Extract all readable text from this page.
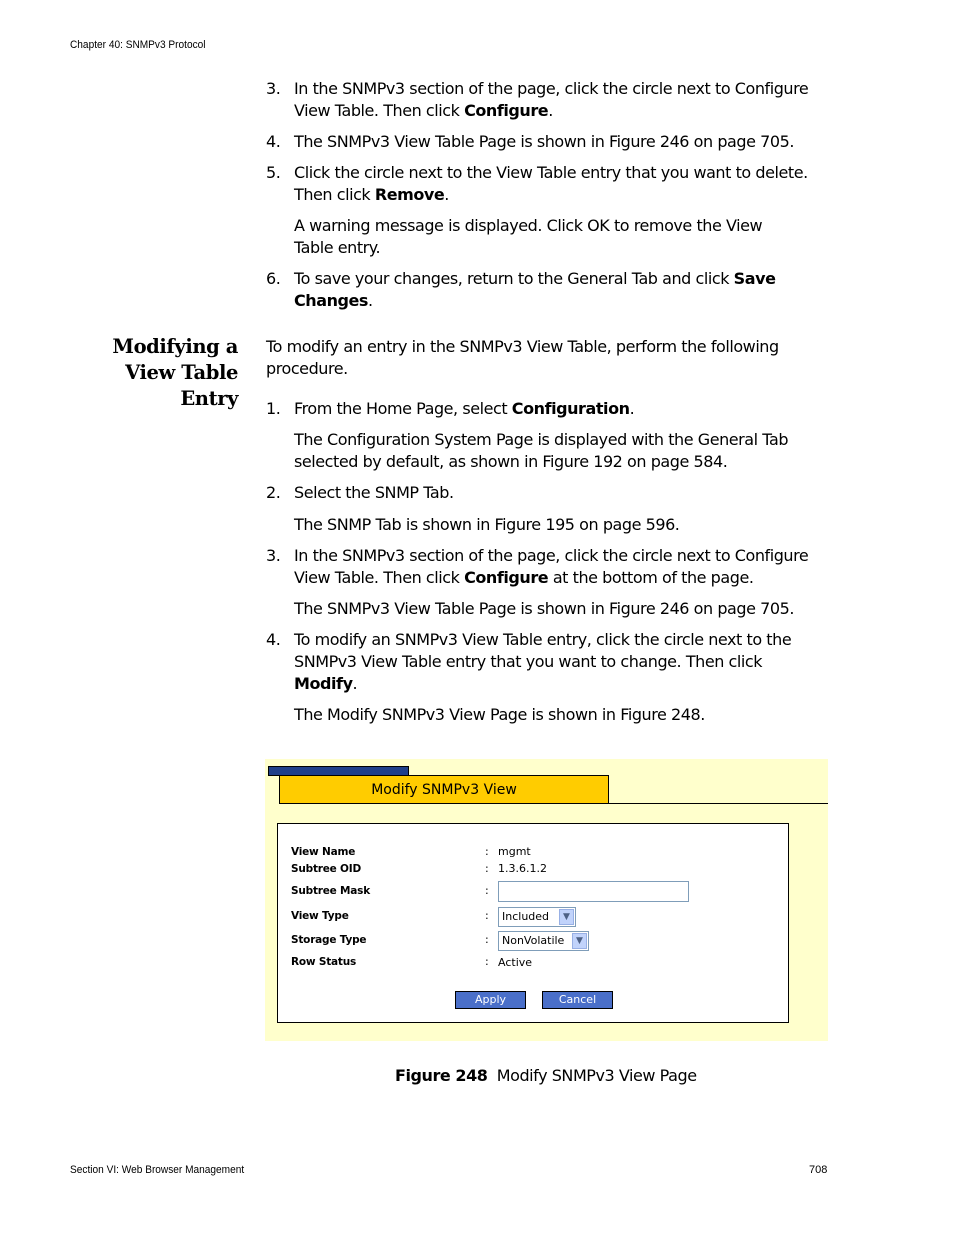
Chapter 40: SNMPv3 Protocol
3. In the SNMPv3 section of the page, click the circle next to Configure View Table. Then click Configure.
4. The SNMPv3 View Table Page is shown in Figure 246 on page 705.
5. Click the circle next to the View Table entry that you want to delete. Then click Remove.
A warning message is displayed. Click OK to remove the View Table entry.
6. To save your changes, return to the General Tab and click Save Changes.
Modifying a
View Table
Entry
To modify an entry in the SNMPv3 View Table, perform the following procedure.
1. From the Home Page, select Configuration.
The Configuration System Page is displayed with the General Tab selected by default, as shown in Figure 192 on page 584.
2. Select the SNMP Tab.
The SNMP Tab is shown in Figure 195 on page 596.
3. In the SNMPv3 section of the page, click the circle next to Configure View Table. Then click Configure at the bottom of the page.
The SNMPv3 View Table Page is shown in Figure 246 on page 705.
4. To modify an SNMPv3 View Table entry, click the circle next to the SNMPv3 View Table entry that you want to change. Then click Modify.
The Modify SNMPv3 View Page is shown in Figure 248.
Modify SNMPv3 View
View Name	: mgmt
Subtree OID	: 1.3.6.1.2
Subtree Mask	:
View Type	:	Included	▼
Storage Type	:	NonVolatile	▼
Row Status	: Active
Apply	Cancel
Figure 248 Modify SNMPv3 View Page
Section VI: Web Browser Management	708
